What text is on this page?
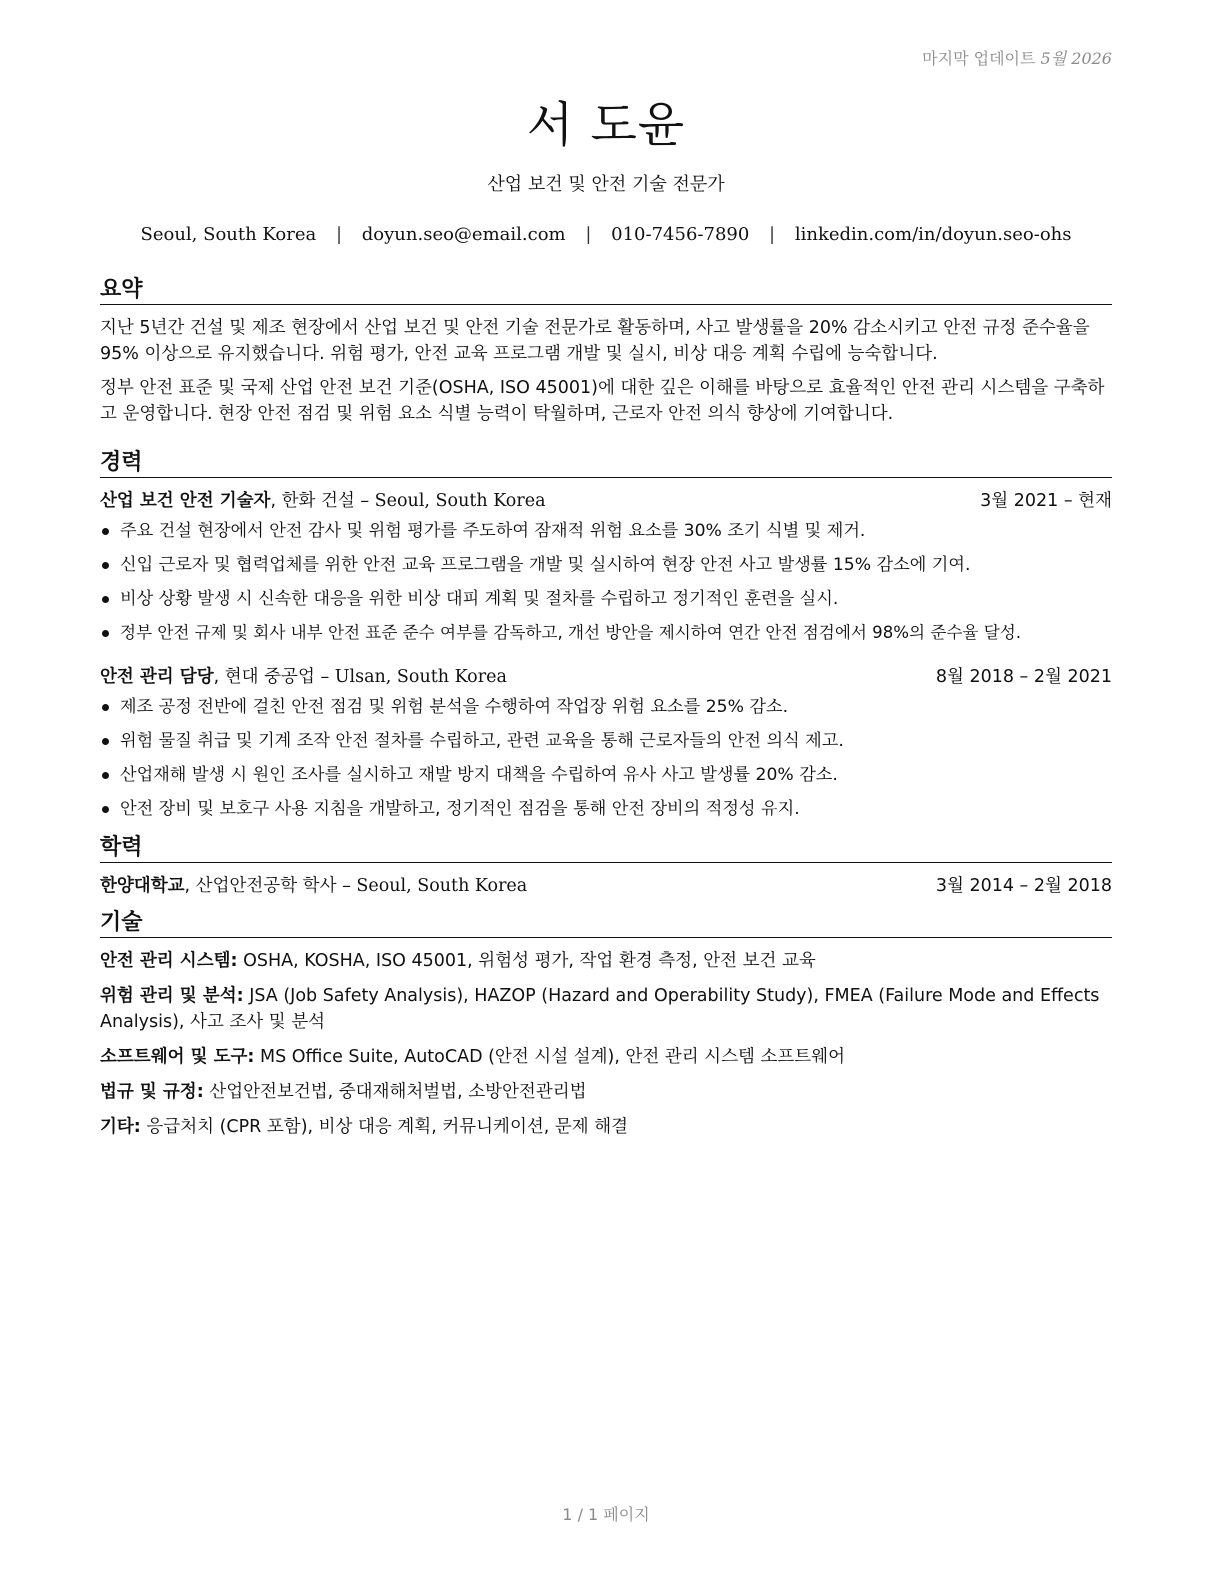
마지막 업데이트 5월 2026
서 도윤
산업 보건 및 안전 기술 전문가
Seoul, South Korea | doyun.seo@email.com | 010-7456-7890 | linkedin.com/in/doyun.seo-ohs
요약

지난 5년간 건설 및 제조 현장에서 산업 보건 및 안전 기술 전문가로 활동하며, 사고 발생률을 20% 감소시키고 안전 규정 준수율을 95% 이상으로 유지했습니다. 위험 평가, 안전 교육 프로그램 개발 및 실시, 비상 대응 계획 수립에 능숙합니다.

정부 안전 표준 및 국제 산업 안전 보건 기준(OSHA, ISO 45001)에 대한 깊은 이해를 바탕으로 효율적인 안전 관리 시스템을 구축하고 운영합니다. 현장 안전 점검 및 위험 요소 식별 능력이 탁월하며, 근로자 안전 의식 향상에 기여합니다.

경력
산업 보건 안전 기술자, 한화 건설 – Seoul, South Korea	3월 2021 – 현재
주요 건설 현장에서 안전 감사 및 위험 평가를 주도하여 잠재적 위험 요소를 30% 조기 식별 및 제거.
신입 근로자 및 협력업체를 위한 안전 교육 프로그램을 개발 및 실시하여 현장 안전 사고 발생률 15% 감소에 기여.
비상 상황 발생 시 신속한 대응을 위한 비상 대피 계획 및 절차를 수립하고 정기적인 훈련을 실시.
정부 안전 규제 및 회사 내부 안전 표준 준수 여부를 감독하고, 개선 방안을 제시하여 연간 안전 점검에서 98%의 준수율 달성.
안전 관리 담당, 현대 중공업 – Ulsan, South Korea	8월 2018 – 2월 2021
제조 공정 전반에 걸친 안전 점검 및 위험 분석을 수행하여 작업장 위험 요소를 25% 감소.
위험 물질 취급 및 기계 조작 안전 절차를 수립하고, 관련 교육을 통해 근로자들의 안전 의식 제고.
산업재해 발생 시 원인 조사를 실시하고 재발 방지 대책을 수립하여 유사 사고 발생률 20% 감소.
안전 장비 및 보호구 사용 지침을 개발하고, 정기적인 점검을 통해 안전 장비의 적정성 유지.
학력
한양대학교, 산업안전공학 학사 – Seoul, South Korea	3월 2014 – 2월 2018
기술

안전 관리 시스템: OSHA, KOSHA, ISO 45001, 위험성 평가, 작업 환경 측정, 안전 보건 교육

위험 관리 및 분석: JSA (Job Safety Analysis), HAZOP (Hazard and Operability Study), FMEA (Failure Mode and Effects Analysis), 사고 조사 및 분석

소프트웨어 및 도구: MS Office Suite, AutoCAD (안전 시설 설계), 안전 관리 시스템 소프트웨어

법규 및 규정: 산업안전보건법, 중대재해처벌법, 소방안전관리법

기타: 응급처치 (CPR 포함), 비상 대응 계획, 커뮤니케이션, 문제 해결

1 / 1 페이지
